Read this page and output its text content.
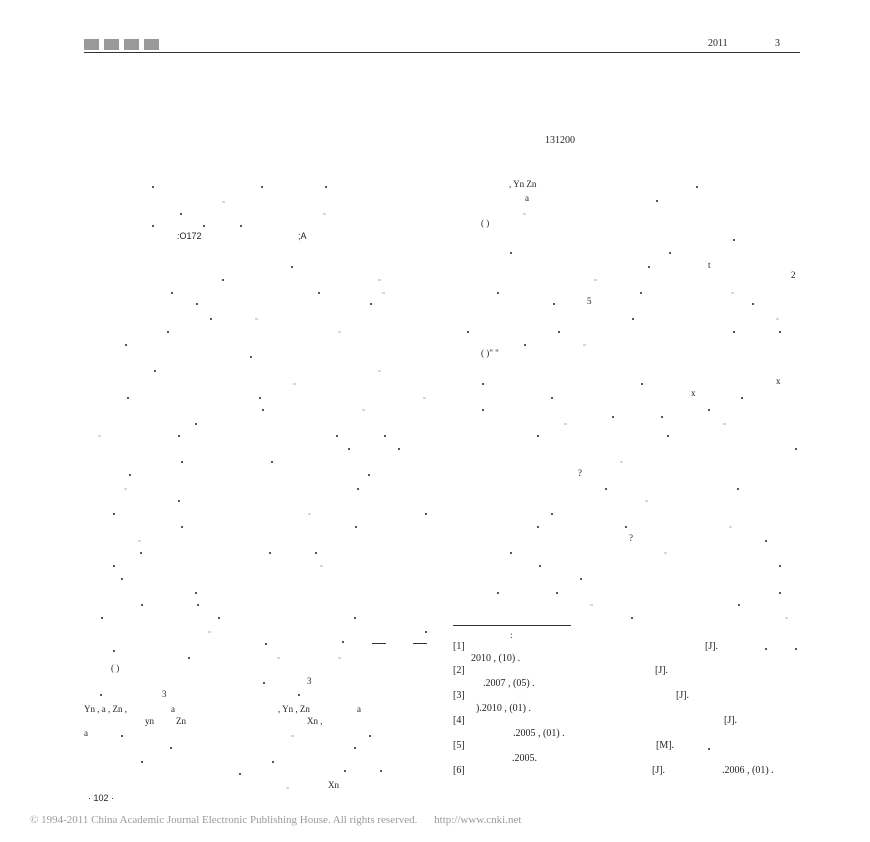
2011	3
131200
:O172	;A
( )
3
3
Yn , a , Zn ,	a	, Yn , Zn	a
yn Zn	Xn ,
a
Xn
· 102 ·
, Yn Zn
a
( )
t
2
5
( )" "
x
x
?
?
:
[1]	[J].
2010 , (10) .
[2]	[J].
.2007 , (05) .
[3]	[J].
).2010 , (01) .
[4]	[J].
.2005 , (01) .
[5]	[M].
.2005.
[6]	[J].	.2006 , (01) .
© 1994-2011 China Academic Journal Electronic Publishing House. All rights reserved. http://www.cnki.net
